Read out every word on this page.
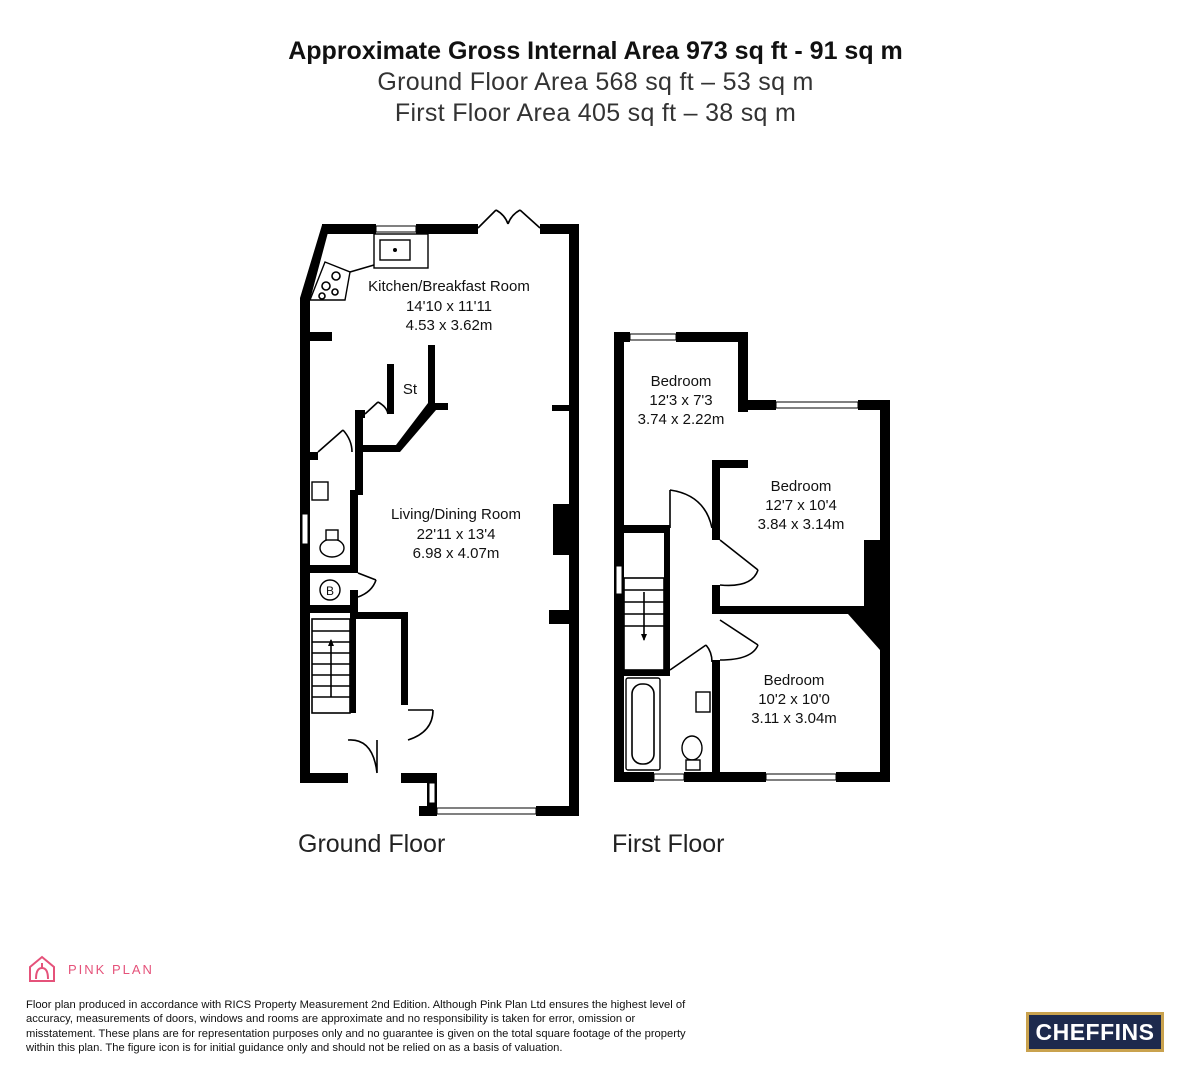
Approximate Gross Internal Area 973 sq ft - 91 sq m
Ground Floor Area 568 sq ft – 53 sq m
First Floor Area 405 sq ft – 38 sq m
Kitchen/Breakfast Room
14'10 x 11'11
4.53 x 3.62m
St
Living/Dining Room
22'11 x 13'4
6.98 x 4.07m
B
Bedroom
12'3 x 7'3
3.74 x 2.22m
Bedroom
12'7 x 10'4
3.84 x 3.14m
Bedroom
10'2 x 10'0
3.11 x 3.04m
Ground Floor	First Floor
PINK PLAN
Floor plan produced in accordance with RICS Property Measurement 2nd Edition. Although Pink Plan Ltd ensures the highest level of accuracy, measurements of doors, windows and rooms are approximate and no responsibility is taken for error, omission or misstatement. These plans are for representation purposes only and no guarantee is given on the total square footage of the property within this plan. The figure icon is for initial guidance only and should not be relied on as a basis of valuation.
CHEFFINS
